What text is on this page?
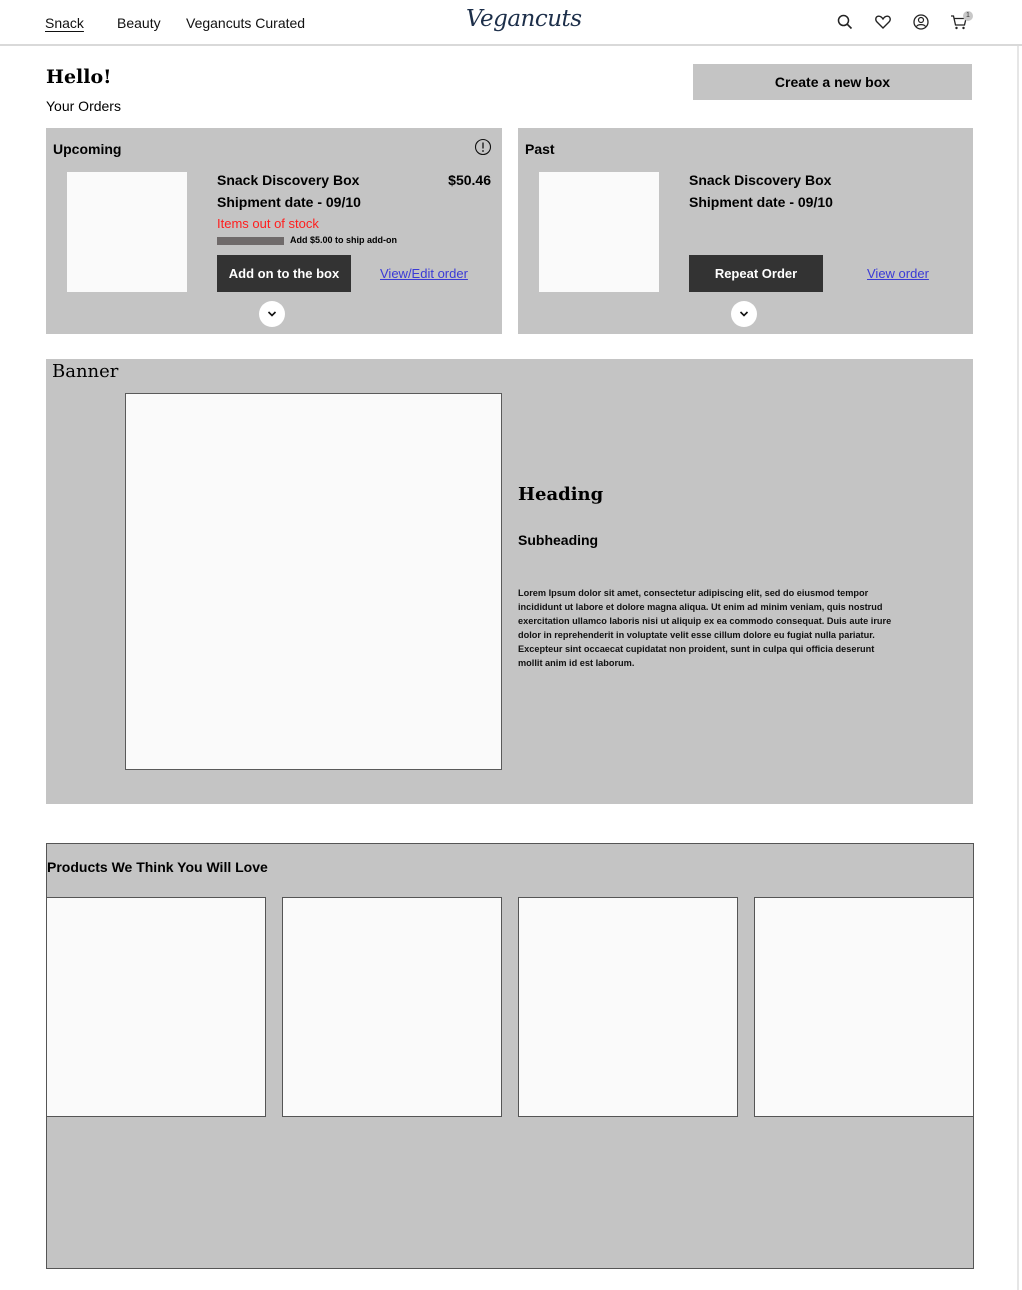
Snack Beauty Vegancuts Curated	Vegancuts	1
Hello!
Your Orders
Create a new box
Upcoming
Snack Discovery Box
Shipment date - 09/10
$50.46
Items out of stock
Add $5.00 to ship add-on
Add on to the box	View/Edit order
Past
Snack Discovery Box
Shipment date - 09/10
Repeat Order	View order
Banner
Heading
Subheading

Lorem Ipsum dolor sit amet, consectetur adipiscing elit, sed do eiusmod tempor incididunt ut labore et dolore magna aliqua. Ut enim ad minim veniam, quis nostrud exercitation ullamco laboris nisi ut aliquip ex ea commodo consequat. Duis aute irure dolor in reprehenderit in voluptate velit esse cillum dolore eu fugiat nulla pariatur. Excepteur sint occaecat cupidatat non proident, sunt in culpa qui officia deserunt mollit anim id est laborum.

Products We Think You Will Love
